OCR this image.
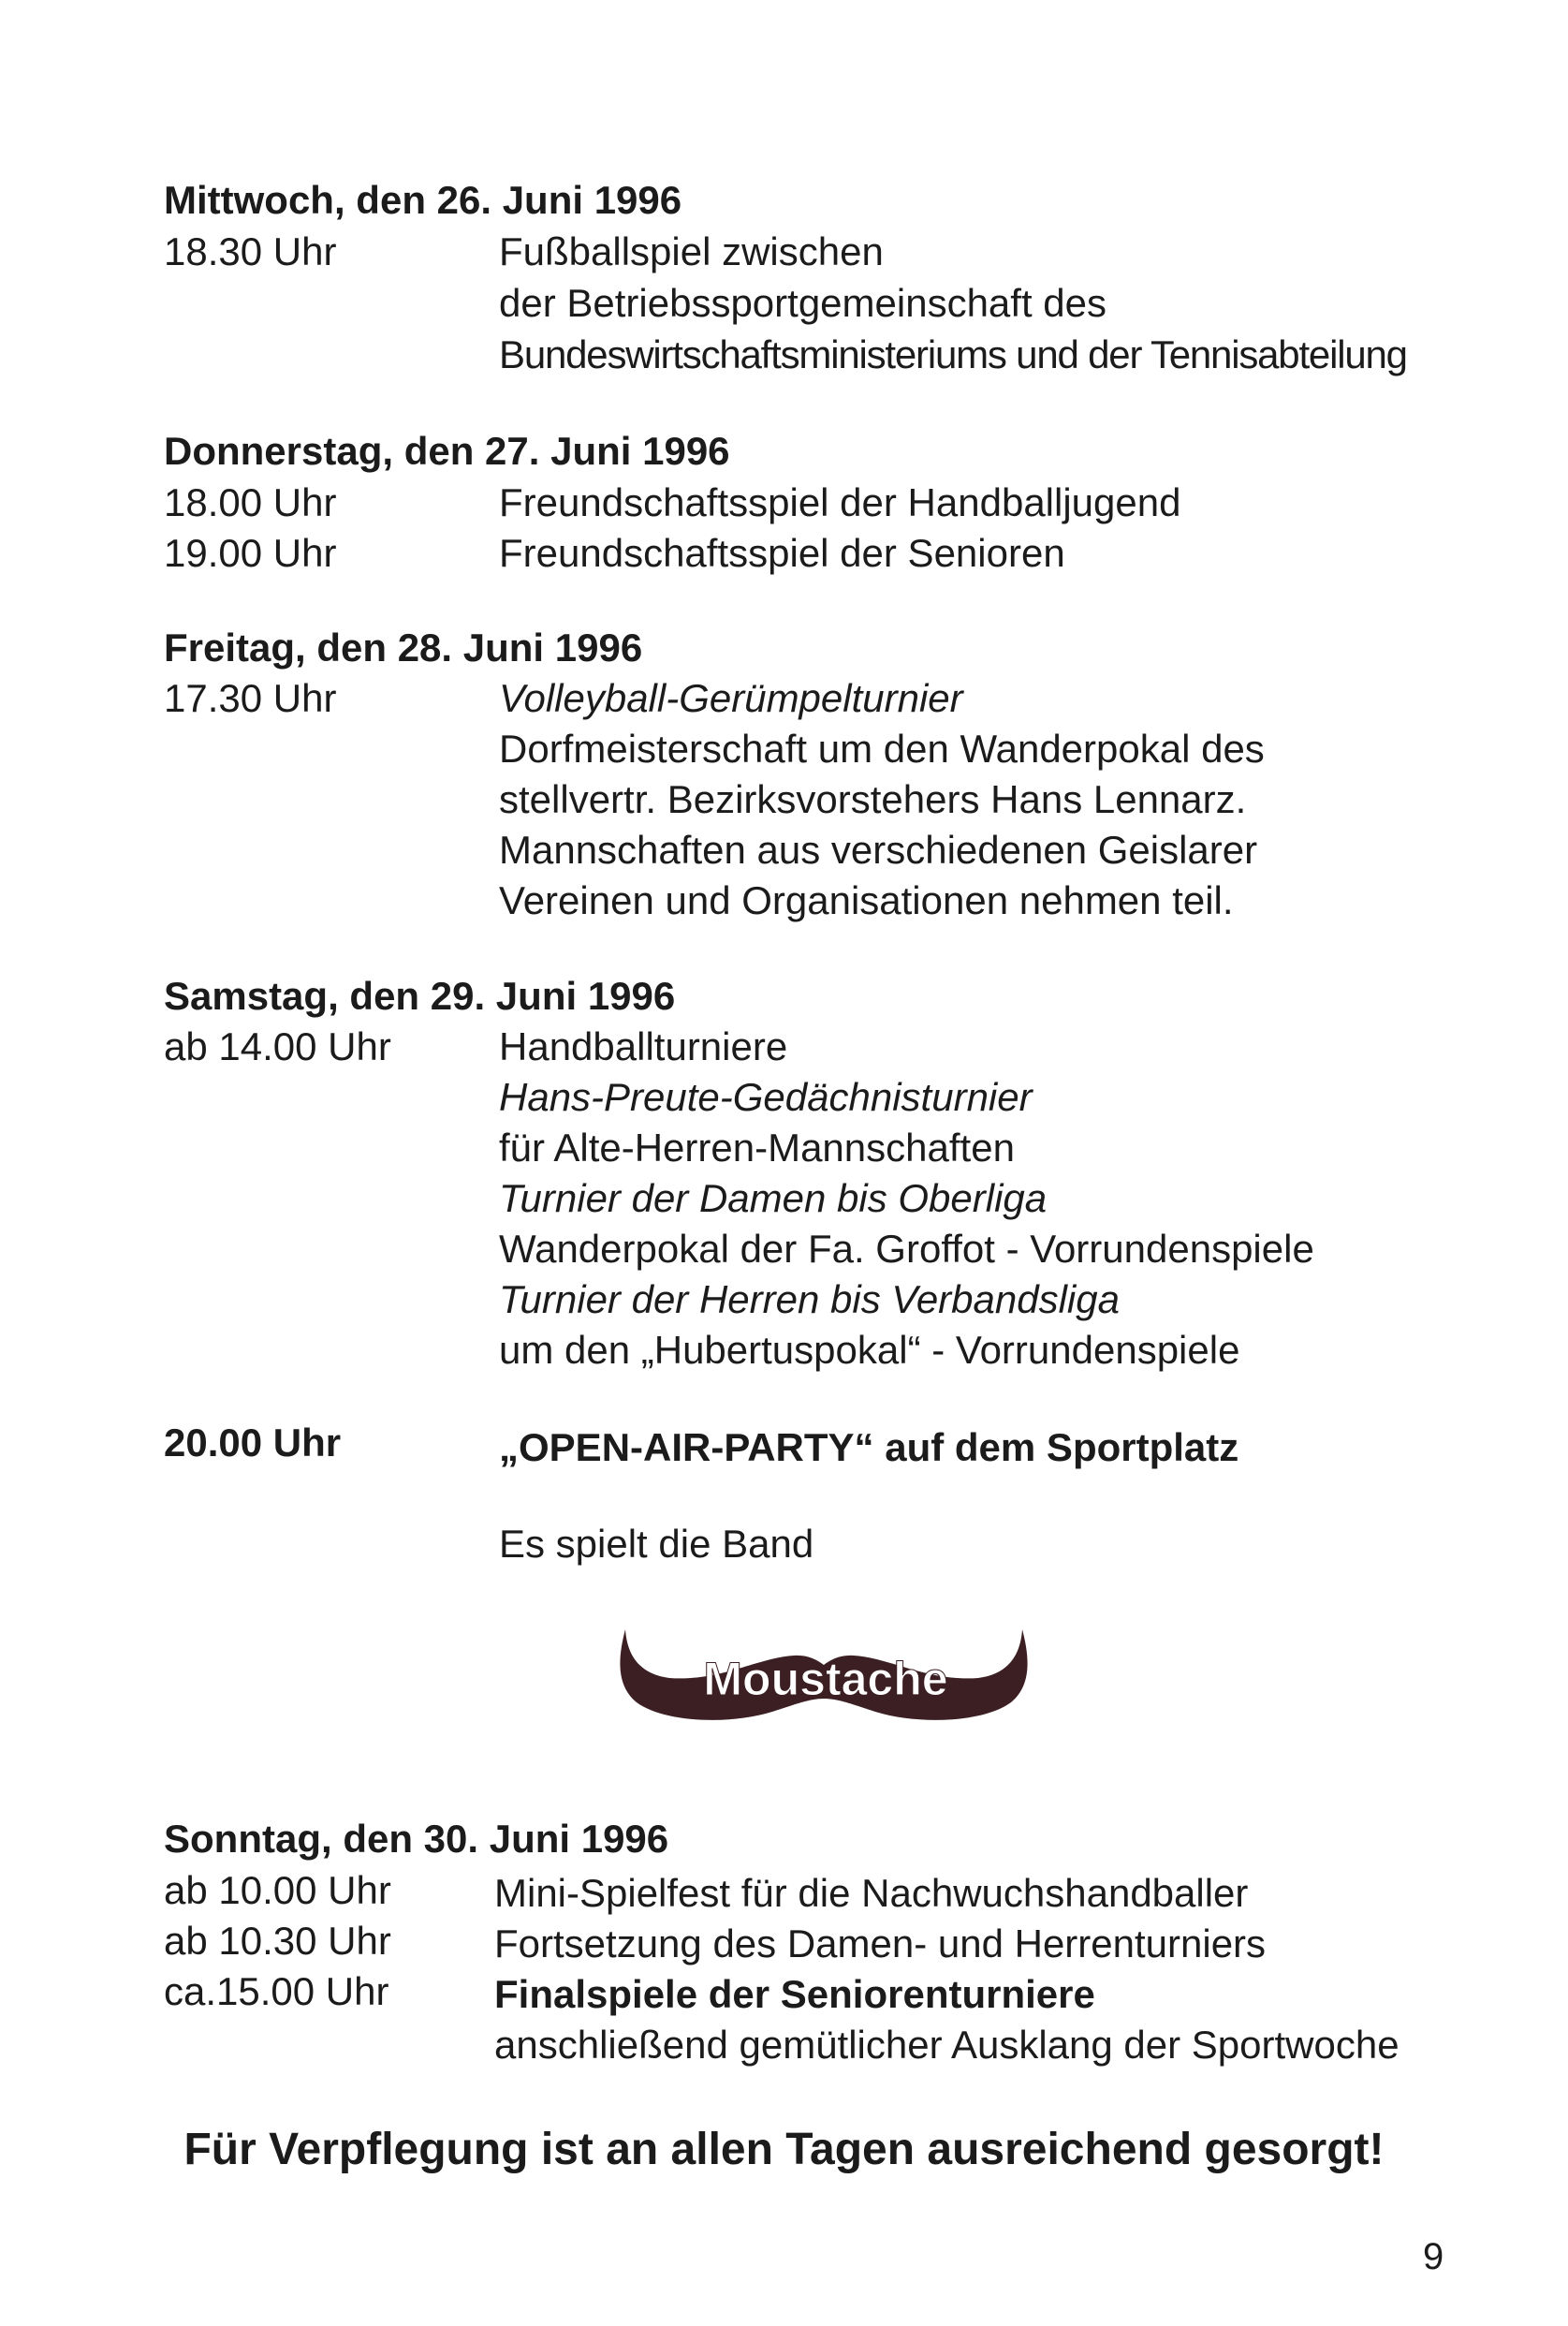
Mittwoch, den 26. Juni 1996
18.30 Uhr	Fußballspiel zwischen
der Betriebssportgemeinschaft des
Bundeswirtschaftsministeriums und der Tennisabteilung
Donnerstag, den 27. Juni 1996
18.00 Uhr	Freundschaftsspiel der Handballjugend
19.00 Uhr	Freundschaftsspiel der Senioren
Freitag, den 28. Juni 1996
17.30 Uhr	Volleyball-Gerümpelturnier
Dorfmeisterschaft um den Wanderpokal des
stellvertr. Bezirksvorstehers Hans Lennarz.
Mannschaften aus verschiedenen Geislarer
Vereinen und Organisationen nehmen teil.
Samstag, den 29. Juni 1996
ab 14.00 Uhr	Handballturniere
Hans-Preute-Gedächnisturnier
für Alte-Herren-Mannschaften
Turnier der Damen bis Oberliga
Wanderpokal der Fa. Groffot - Vorrundenspiele
Turnier der Herren bis Verbandsliga
um den „Hubertuspokal“ - Vorrundenspiele
20.00 Uhr	„OPEN-AIR-PARTY“ auf dem Sportplatz
Es spielt die Band
Moustache
Sonntag, den 30. Juni 1996
ab 10.00 Uhr	Mini-Spielfest für die Nachwuchshandballer
ab 10.30 Uhr	Fortsetzung des Damen- und Herrenturniers
ca.15.00 Uhr	Finalspiele der Seniorenturniere
anschließend gemütlicher Ausklang der Sportwoche
Für Verpflegung ist an allen Tagen ausreichend gesorgt!
9
